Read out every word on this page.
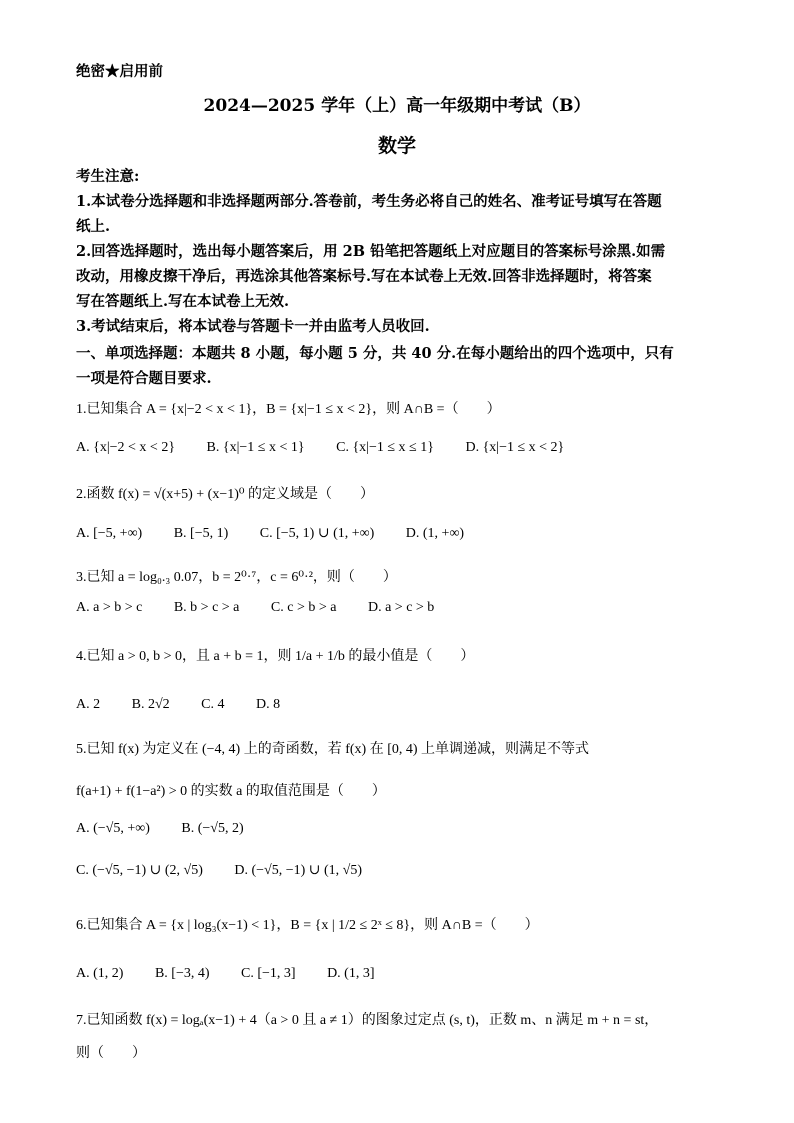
绝密★启用前
2024—2025 学年（上）高一年级期中考试（B）
数学
考生注意:
1.本试卷分选择题和非选择题两部分.答卷前，考生务必将自己的姓名、准考证号填写在答题
纸上.
2.回答选择题时，选出每小题答案后，用 2B 铅笔把答题纸上对应题目的答案标号涂黑.如需
改动，用橡皮擦干净后，再选涂其他答案标号.写在本试卷上无效.回答非选择题时，将答案
写在答题纸上.写在本试卷上无效.
3.考试结束后，将本试卷与答题卡一并由监考人员收回.
一、单项选择题：本题共 8 小题，每小题 5 分，共 40 分.在每小题给出的四个选项中，只有
一项是符合题目要求.
1.已知集合 A = {x|−2 < x < 1}，B = {x|−1 ≤ x < 2}，则 A∩B =（　　）
A. {x|−2 < x < 2} B. {x|−1 ≤ x < 1} C. {x|−1 ≤ x ≤ 1} D. {x|−1 ≤ x < 2}
2.函数 f(x) = √(x+5) + (x−1)⁰ 的定义域是（　　）
A. [−5, +∞) B. [−5, 1) C. [−5, 1) ∪ (1, +∞) D. (1, +∞)
3.已知 a = log₀.₃ 0.07，b = 2⁰·⁷，c = 6⁰·²，则（　　）
A. a > b > c B. b > c > a C. c > b > a D. a > c > b
4.已知 a > 0, b > 0，且 a + b = 1，则 1/a + 1/b 的最小值是（　　）
A. 2 B. 2√2 C. 4 D. 8
5.已知 f(x) 为定义在 (−4, 4) 上的奇函数，若 f(x) 在 [0, 4) 上单调递减，则满足不等式
f(a+1) + f(1−a²) > 0 的实数 a 的取值范围是（　　）
A. (−√5, +∞) B. (−√5, 2)
C. (−√5, −1) ∪ (2, √5) D. (−√5, −1) ∪ (1, √5)
6.已知集合 A = {x | log₃(x−1) < 1}，B = {x | 1/2 ≤ 2ˣ ≤ 8}，则 A∩B =（　　）
A. (1, 2) B. [−3, 4) C. [−1, 3] D. (1, 3]
7.已知函数 f(x) = logₐ(x−1) + 4（a > 0 且 a ≠ 1）的图象过定点 (s, t)，正数 m、n 满足 m + n = st，
则（　　）
